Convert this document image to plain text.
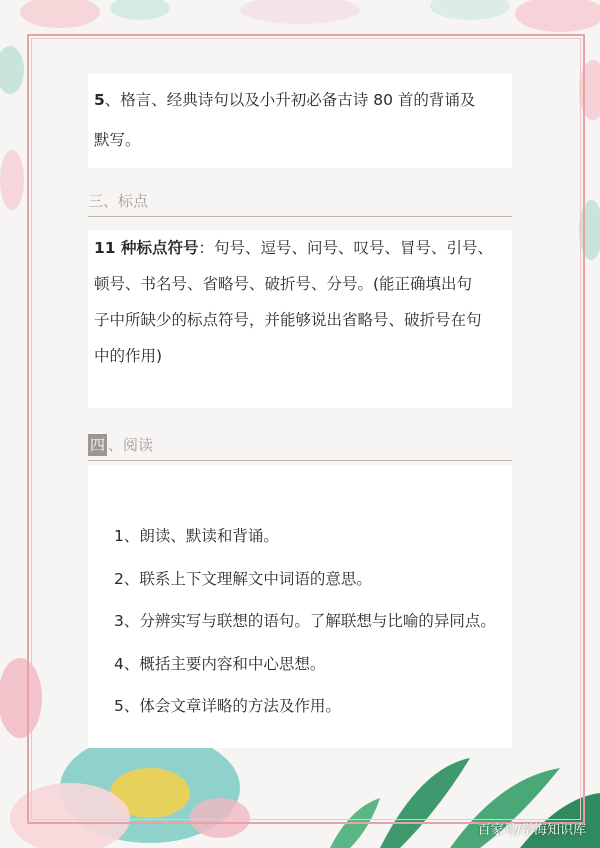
5、格言、经典诗句以及小升初必备古诗 80 首的背诵及

默写。

三、标点

11 种标点符号：句号、逗号、问号、叹号、冒号、引号、

顿号、书名号、省略号、破折号、分号。(能正确填出句

子中所缺少的标点符号，并能够说出省略号、破折号在句

中的作用)

四 、阅读
1、朗读、默读和背诵。
2、联系上下文理解文中词语的意思。
3、分辨实写与联想的语句。了解联想与比喻的异同点。
4、概括主要内容和中心思想。
5、体会文章详略的方法及作用。
百家号/学海知识库
